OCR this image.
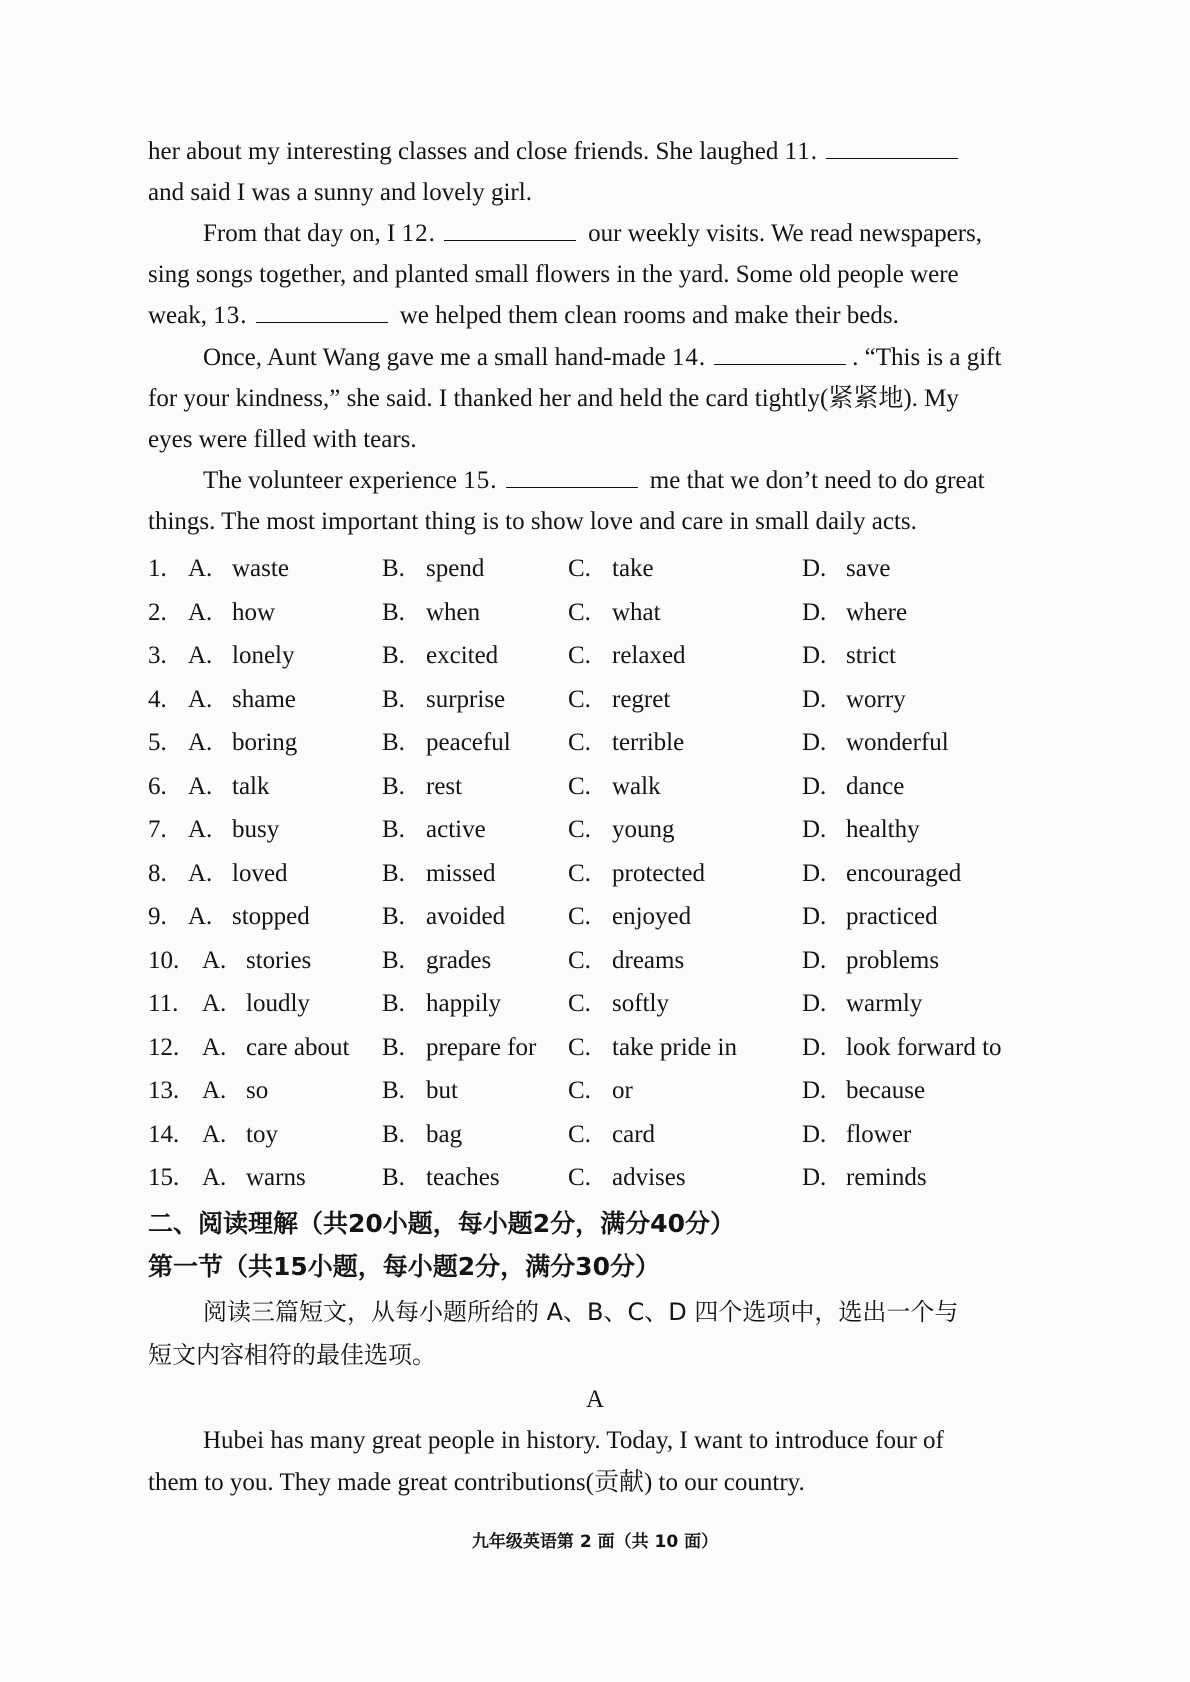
her about my interesting classes and close friends. She laughed 11.
and said I was a sunny and lovely girl.
From that day on, I 12.	our weekly visits. We read newspapers,
sing songs together, and planted small flowers in the yard. Some old people were
weak, 13.	we helped them clean rooms and make their beds.
Once, Aunt Wang gave me a small hand-made 14.	. “This is a gift
for your kindness,” she said. I thanked her and held the card tightly(紧紧地). My
eyes were filled with tears.
The volunteer experience 15.	me that we don’t need to do great
things. The most important thing is to show love and care in small daily acts.
1. A. waste	B. spend	C. take	D. save
2. A. how	B. when	C. what	D. where
3. A. lonely	B. excited	C. relaxed	D. strict
4. A. shame	B. surprise	C. regret	D. worry
5. A. boring	B. peaceful C. terrible	D. wonderful
6. A. talk	B. rest	C. walk	D. dance
7. A. busy	B. active	C. young	D. healthy
8. A. loved	B. missed	C. protected	D. encouraged
9. A. stopped	B. avoided	C. enjoyed	D. practiced
10. A. stories	B. grades	C. dreams	D. problems
11. A. loudly	B. happily	C. softly	D. warmly
12. A. care about B. prepare for C. take pride in	D. look forward to
13. A. so	B. but	C. or	D. because
14. A. toy	B. bag	C. card	D. flower
15. A. warns	B. teaches	C. advises	D. reminds
二、阅读理解（共20小题，每小题2分，满分40分）
第一节（共15小题，每小题2分，满分30分）
阅读三篇短文，从每小题所给的 A、B、C、D 四个选项中，选出一个与
短文内容相符的最佳选项。
A
Hubei has many great people in history. Today, I want to introduce four of
them to you. They made great contributions(贡献) to our country.
九年级英语第 2 面（共 10 面）
